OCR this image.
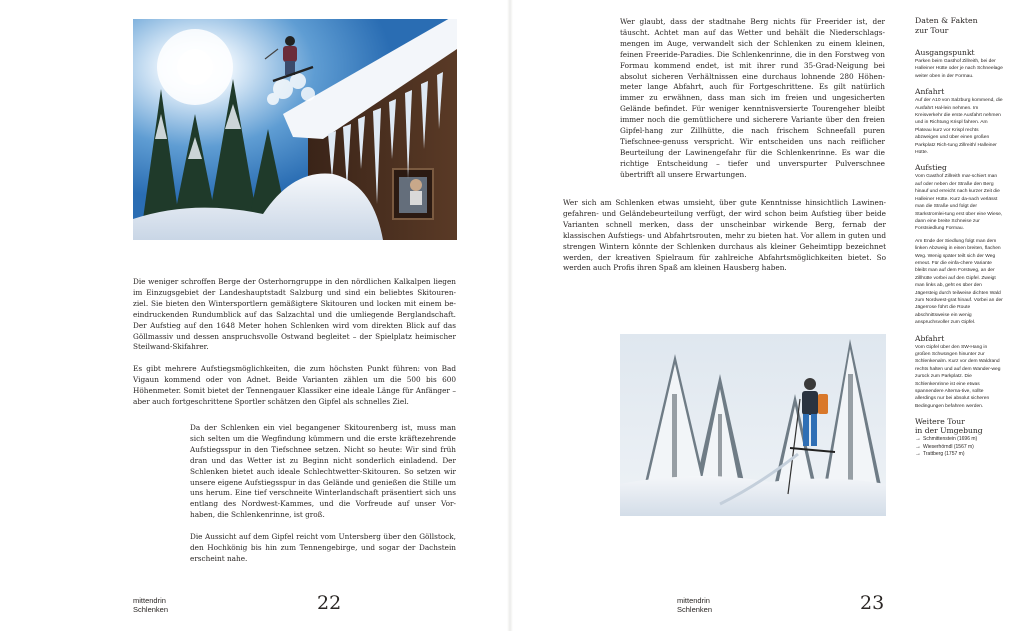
Die weniger schroffen Berge der Osterhorngruppe in den nördlichen Kalkalpen liegen im Einzugsgebiet der Landeshauptstadt Salzburg und sind ein beliebtes Skitouren-ziel. Sie bieten den Wintersportlern gemäßigtere Skitouren und locken mit einem be-eindruckenden Rundumblick auf das Salzachtal und die umliegende Berglandschaft. Der Aufstieg auf den 1648 Meter hohen Schlenken wird vom direkten Blick auf das Göllmassiv und dessen anspruchsvolle Ostwand begleitet – der Spielplatz heimischer Steilwand-Skifahrer.

Es gibt mehrere Aufstiegsmöglichkeiten, die zum höchsten Punkt führen: von Bad Vigaun kommend oder von Adnet. Beide Varianten zählen um die 500 bis 600 Höhenmeter. Somit bietet der Tennengauer Klassiker eine ideale Länge für Anfänger – aber auch fortgeschrittene Sportler schätzen den Gipfel als schnelles Ziel.

Da der Schlenken ein viel begangener Skitourenberg ist, muss man sich selten um die Wegfindung kümmern und die erste kräftezehrende Aufstiegsspur in den Tiefschnee setzen. Nicht so heute: Wir sind früh dran und das Wetter ist zu Beginn nicht sonderlich einladend. Der Schlenken bietet auch ideale Schlechtwetter-Skitouren. So setzen wir unsere eigene Aufstiegsspur in das Gelände und genießen die Stille um uns herum. Eine tief verschneite Winterlandschaft präsentiert sich uns entlang des Nordwest-Kammes, und die Vorfreude auf unser Vor-haben, die Schlenkenrinne, ist groß.

Die Aussicht auf dem Gipfel reicht vom Untersberg über den Göllstock, den Hochkönig bis hin zum Tennengebirge, und sogar der Dachstein erscheint nahe.

mittendrin
Schlenken	22

Wer glaubt, dass der stadtnahe Berg nichts für Freerider ist, der täuscht. Achtet man auf das Wetter und behält die Niederschlags-mengen im Auge, verwandelt sich der Schlenken zu einem kleinen, feinen Freeride-Paradies. Die Schlenkenrinne, die in den Forstweg von Formau kommend endet, ist mit ihrer rund 35-Grad-Neigung bei absolut sicheren Verhältnissen eine durchaus lohnende 280 Höhen-meter lange Abfahrt, auch für Fortgeschrittene. Es gilt natürlich immer zu erwähnen, dass man sich im freien und ungesicherten Gelände befindet. Für weniger kenntnisversierte Tourengeher bleibt immer noch die gemütlichere und sicherere Variante über den freien Gipfel-hang zur Zillhütte, die nach frischem Schneefall puren Tiefschnee-genuss verspricht. Wir entscheiden uns nach reiflicher Beurteilung der Lawinengefahr für die Schlenkenrinne. Es war die richtige Entscheidung – tiefer und unverspurter Pulverschnee übertrifft all unsere Erwartungen.

Wer sich am Schlenken etwas umsieht, über gute Kenntnisse hinsichtlich Lawinen-gefahren- und Geländebeurteilung verfügt, der wird schon beim Aufstieg über beide Varianten schnell merken, dass der unscheinbar wirkende Berg, fernab der klassischen Aufstiegs- und Abfahrtsrouten, mehr zu bieten hat. Vor allem in guten und strengen Wintern könnte der Schlenken durchaus als kleiner Geheimtipp bezeichnet werden, der kreativen Spielraum für zahlreiche Abfahrtsmöglichkeiten bietet. So werden auch Profis ihren Spaß am kleinen Hausberg haben.

mittendrin
Schlenken	23
Daten & Fakten
zur Tour
Ausgangspunkt

Parken beim Gasthof Zillreith, bei der Halleiner Hütte oder je nach Schneelage weiter oben in der Formau.

Anfahrt

Auf der A10 von Salzburg kommend, die Ausfahrt Hal-lein nehmen. Im Kreisverkehr die erste Ausfahrt nehmen und in Richtung Krispl fahren. Am Plateau kurz vor Krispl rechts abzweigen und über einen großen Parkplatz Rich-tung Zillreith/ Halleiner Hütte.

Aufstieg

Vom Gasthof Zillreith mar-schiert man auf oder neben der Straße den Berg hinauf und erreicht nach kurzer Zeit die Halleiner Hütte. Kurz da-nach verlässt man die Straße und folgt der Starkstromlei-tung erst über eine Wiese, dann eine breite Schneise zur Forstsiedlung Formau.

Am Ende der Siedlung folgt man dem linken Abzweig in einen breiten, flachen Weg. Wenig später teilt sich der Weg erneut. Für die einfa-chere Variante bleibt man auf dem Forstweg, an der Zillhütte vorbei auf den Gipfel. Zweigt man links ab, geht es über den Jägersteig durch teilweise dichten Wald zum Nordwest-grat hinauf. Vorbei an der Jägerrose führt die Route abschnittsweise ein wenig anspruchsvoller zum Gipfel.

Abfahrt

Vom Gipfel über den SW-Hang in großen Schwüngen hinunter zur Schlenkenalm. Kurz vor dem Waldrand rechts halten und auf dem Wander-weg zurück zum Parkplatz. Die Schlenkenrinne ist eine etwas spannendere Alterna-tive, sollte allerdings nur bei absolut sicheren Bedingungen befahren werden.

Weitere Tour
in der Umgebung
→ Schmittenstein (1696 m)
→ Wieserhörndl (1567 m)
→ Trattberg (1757 m)
